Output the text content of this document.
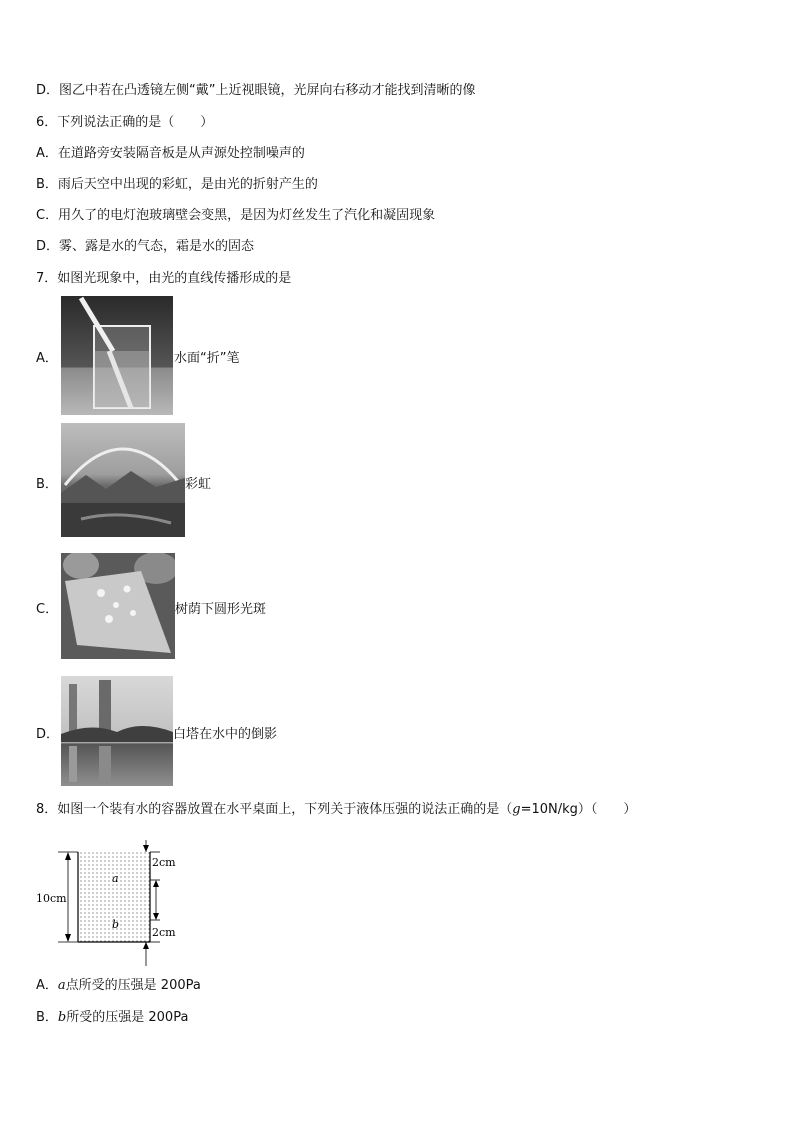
D．图乙中若在凸透镜左侧“戴”上近视眼镜，光屏向右移动才能找到清晰的像
6．下列说法正确的是（　　）
A．在道路旁安装隔音板是从声源处控制噪声的
B．雨后天空中出现的彩虹，是由光的折射产生的
C．用久了的电灯泡玻璃壁会变黑，是因为灯丝发生了汽化和凝固现象
D．雾、露是水的气态，霜是水的固态
7．如图光现象中，由光的直线传播形成的是
A．	水面“折”笔
B．	彩虹
C．	树荫下圆形光斑
D．	白塔在水中的倒影
8．如图一个装有水的容器放置在水平桌面上，下列关于液体压强的说法正确的是（g=10N/kg）（　　）
10cm
2cm
2cm
a
b
A．a点所受的压强是 200Pa
B．b所受的压强是 200Pa
